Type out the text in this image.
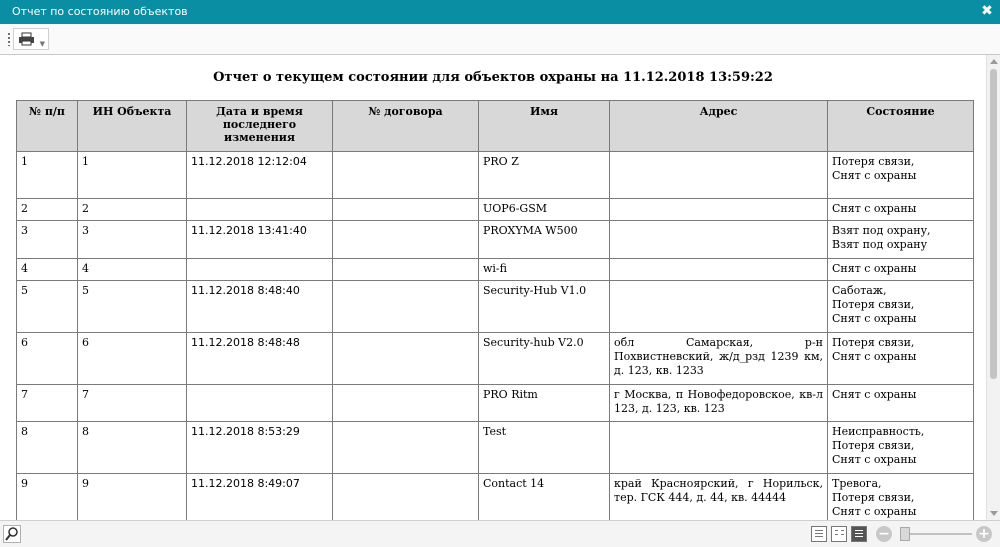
Отчет по состоянию объектов	✖
▼
Отчет о текущем состоянии для объектов охраны на 11.12.2018 13:59:22
№ п/п	ИН Объекта	Дата и время последнего изменения	№ договора	Имя	Адрес	Состояние
1	1	11.12.2018 12:12:04		PRO Z		Потеря связи,
Снят с охраны
2	2			UOP6-GSM		Снят с охраны
3	3	11.12.2018 13:41:40		PROXYMA W500		Взят под охрану,
Взят под охрану
4	4			wi-fi		Снят с охраны
5	5	11.12.2018 8:48:40		Security-Hub V1.0		Саботаж,
Потеря связи,
Снят с охраны
6	6	11.12.2018 8:48:48		Security-hub V2.0	обл Самарская, р-н Похвистневский, ж/д_рзд 1239 км, д. 123, кв. 1233	Потеря связи,
Снят с охраны
7	7			PRO Ritm	г Москва, п Новофедоровское, кв-л 123, д. 123, кв. 123	Снят с охраны
8	8	11.12.2018 8:53:29		Test		Неисправность,
Потеря связи,
Снят с охраны
9	9	11.12.2018 8:49:07		Contact 14	край Красноярский, г Норильск, тер. ГСК 444, д. 44, кв. 44444	Тревога,
Потеря связи,
Снят с охраны
−	+
